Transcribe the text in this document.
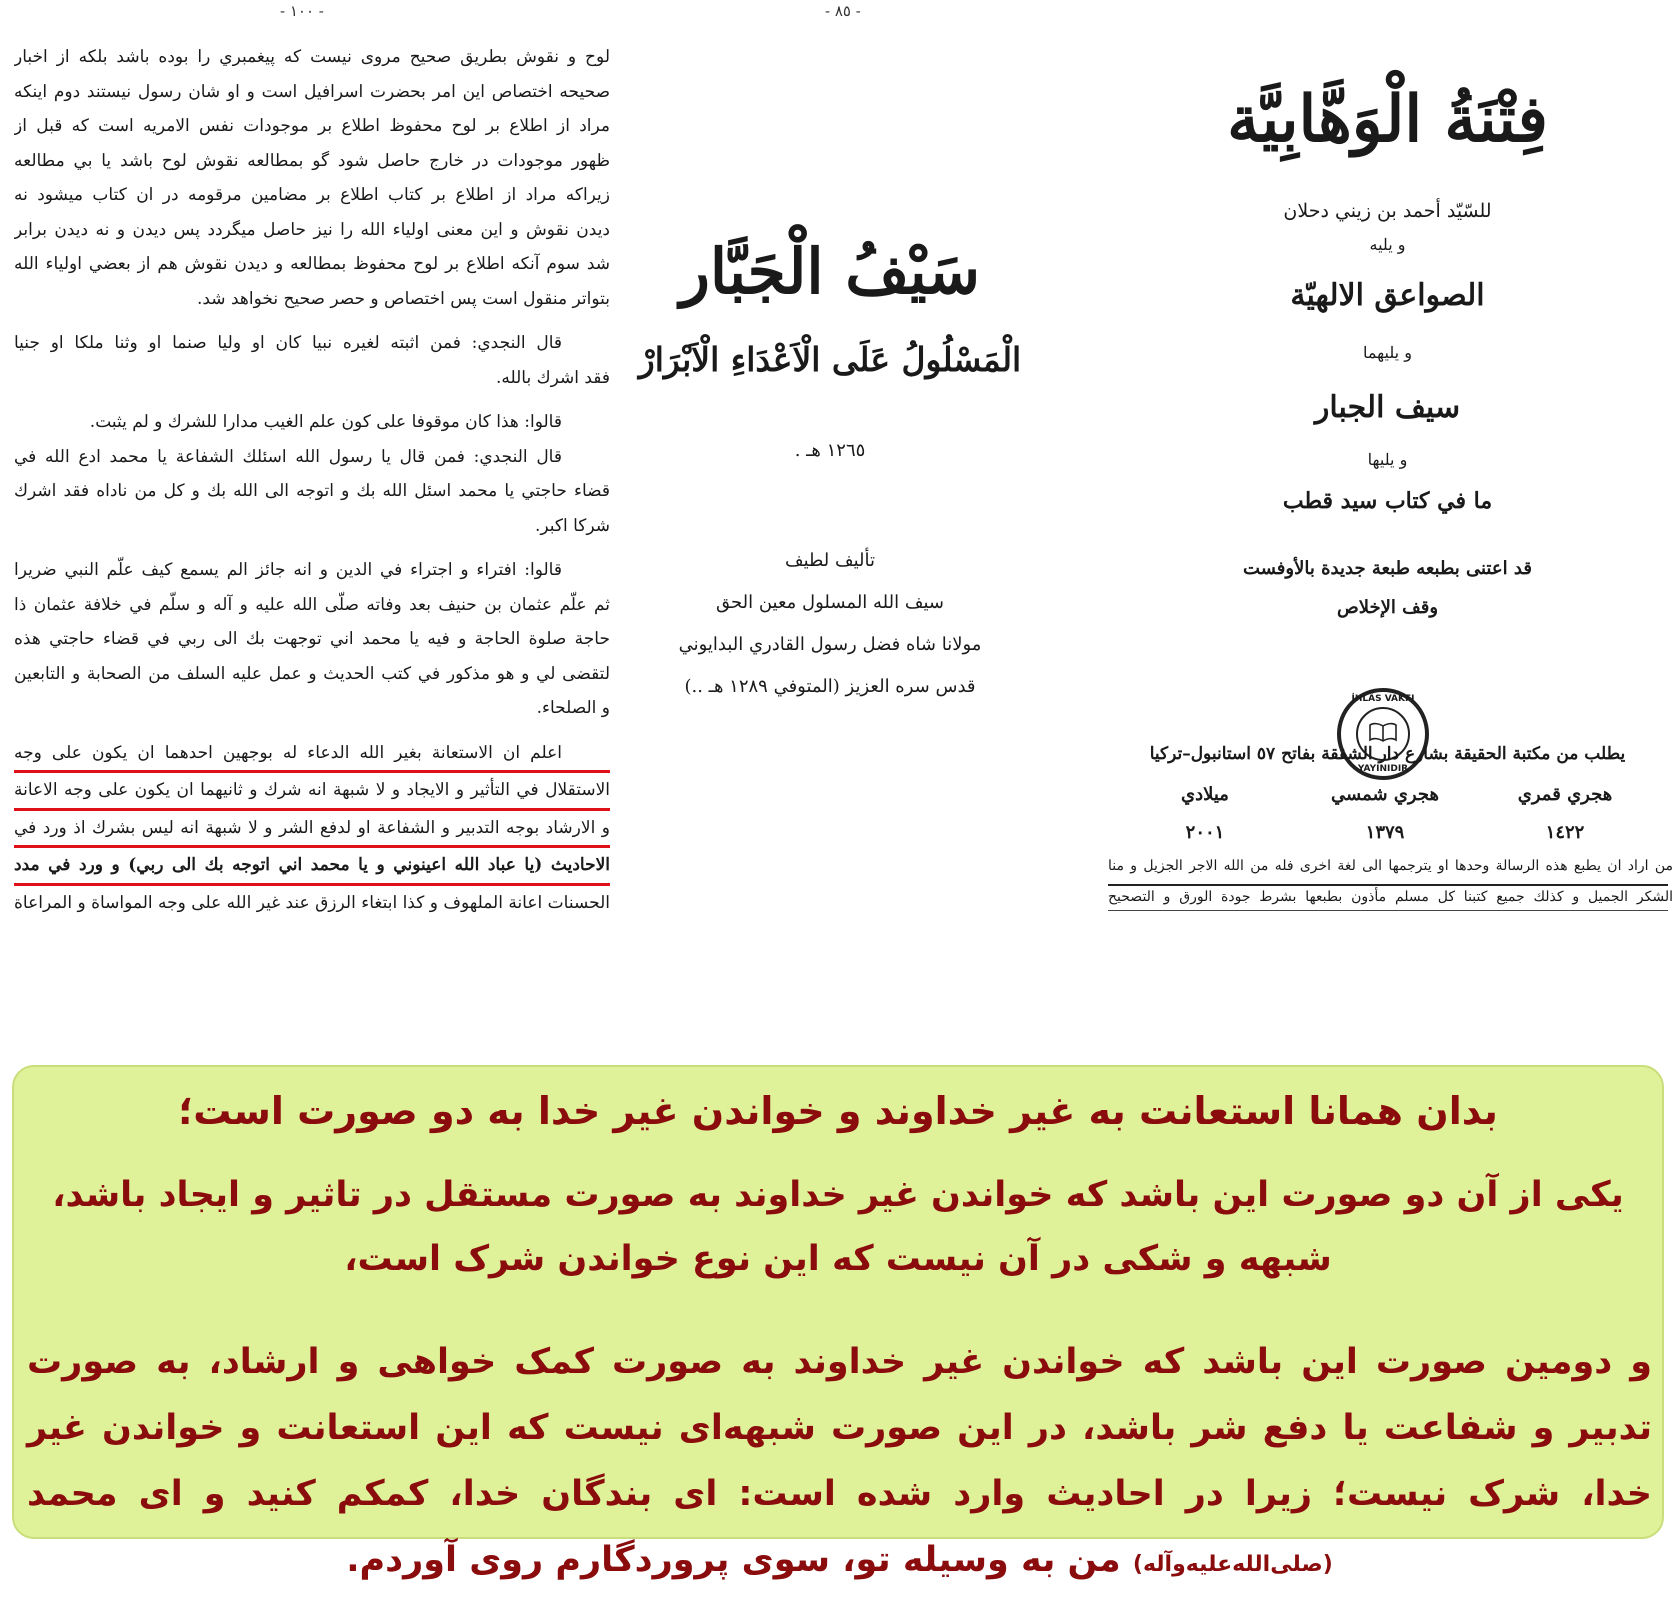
- ١٠٠ -
لوح و نقوش بطريق صحيح مروى نيست كه پيغمبري را بوده باشد بلكه از اخبار
صحيحه اختصاص اين امر بحضرت اسرافيل است و او شان رسول نيستند دوم اينكه
مراد از اطلاع بر لوح محفوظ اطلاع بر موجودات نفس الامريه است كه قبل از
ظهور موجودات در خارج حاصل شود گو بمطالعه نقوش لوح باشد يا بي مطالعه
زيراكه مراد از اطلاع بر كتاب اطلاع بر مضامين مرقومه در ان كتاب ميشود نه
ديدن نقوش و اين معنى اولياء الله را نيز حاصل ميگردد پس ديدن و نه ديدن برابر
شد سوم آنكه اطلاع بر لوح محفوظ بمطالعه و ديدن نقوش هم از بعضي اولياء الله
بتواتر منقول است پس اختصاص و حصر صحيح نخواهد شد.
قال النجدي: فمن اثبته لغيره نبيا كان او وليا صنما او وثنا ملكا او جنيا
فقد اشرك بالله.
قالوا: هذا كان موقوفا على كون علم الغيب مدارا للشرك و لم يثبت.
قال النجدي: فمن قال يا رسول الله اسئلك الشفاعة يا محمد ادع الله في
قضاء حاجتي يا محمد اسئل الله بك و اتوجه الى الله بك و كل من ناداه فقد اشرك
شركا اكبر.
قالوا: افتراء و اجتراء في الدين و انه جائز الم يسمع كيف علّم النبي ضريرا
ثم علّم عثمان بن حنيف بعد وفاته صلّى الله عليه و آله و سلّم في خلافة عثمان ذا
حاجة صلوة الحاجة و فيه يا محمد اني توجهت بك الى ربي في قضاء حاجتي هذه
لتقضى لي و هو مذكور في كتب الحديث و عمل عليه السلف من الصحابة و التابعين
و الصلحاء.
اعلم ان الاستعانة بغير الله الدعاء له بوجهين احدهما ان يكون على وجه
الاستقلال في التأثير و الايجاد و لا شبهة انه شرك و ثانيهما ان يكون على وجه الاعانة
و الارشاد بوجه التدبير و الشفاعة او لدفع الشر و لا شبهة انه ليس بشرك اذ ورد في
الاحاديث (يا عباد الله اعينوني و يا محمد اني اتوجه بك الى ربي) و ورد في مدد
الحسنات اعانة الملهوف و كذا ابتغاء الرزق عند غير الله على وجه المواساة و المراعاة
- ٨٥ -
سَيْفُ الْجَبَّار
الْمَسْلُولُ عَلَى الْاَعْدَاءِ الْاَبْرَارْ
١٢٦٥ هـ .
تأليف لطيف
سيف الله المسلول معين الحق
مولانا شاه فضل رسول القادري البدايوني
قدس سره العزيز (المتوفي ١٢٨٩ هـ ..)
فِتْنَةُ الْوَهَّابِيَّة
للسّيّد أحمد بن زيني دحلان
و يليه
الصواعق الالهيّة
و يليهما
سيف الجبار
و يليها
ما في كتاب سيد قطب
قد اعتنى بطبعه طبعة جديدة بالأوفست
وقف الإخلاص
İHLÂS VAKFI
YAYINIDIR
يطلب من مكتبة الحقيقة بشارع دار الشفقة بفاتح ٥٧ استانبول–تركيا
هجري قمري
هجري شمسي
ميلادي
١٤٢٢
١٣٧٩
٢٠٠١
من اراد ان يطبع هذه الرسالة وحدها او يترجمها الى لغة اخرى فله من الله الاجر الجزيل و منا
الشكر الجميل و كذلك جميع كتبنا كل مسلم مأذون بطبعها بشرط جودة الورق و التصحيح
بدان همانا استعانت به غیر خداوند و خواندن غیر خدا به دو صورت است؛
یکی از آن دو صورت این باشد که خواندن غیر خداوند به صورت مستقل در تاثیر و ایجاد باشد،
شبهه و شکی در آن نیست که این نوع خواندن شرک است،
و دومین صورت این باشد که خواندن غیر خداوند به صورت کمک خواهی و ارشاد، به صورت تدبیر و شفاعت یا دفع شر باشد، در این صورت شبهه‌ای نیست که این استعانت و خواندن غیر خدا، شرک نیست؛ زیرا در احادیث وارد شده است: ای بندگان خدا، کمکم کنید و ای محمد (صلی‌الله‌علیه‌وآله) من به وسیله تو، سوی پروردگارم روی آوردم.
